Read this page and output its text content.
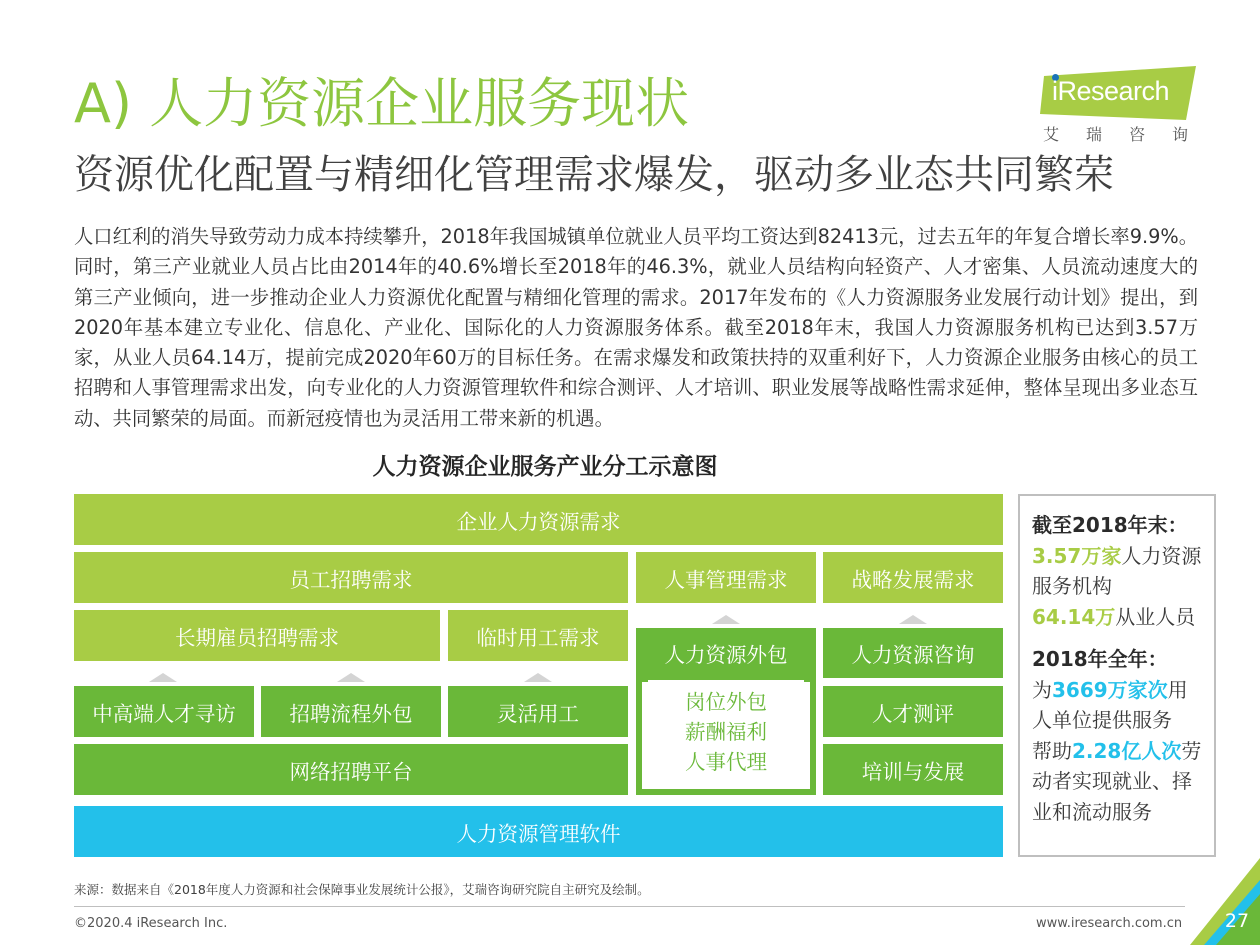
A) 人力资源企业服务现状
资源优化配置与精细化管理需求爆发，驱动多业态共同繁荣
iResearch
艾瑞咨询
人口红利的消失导致劳动力成本持续攀升，2018年我国城镇单位就业人员平均工资达到82413元，过去五年的年复合增长率9.9%。同时，第三产业就业人员占比由2014年的40.6%增长至2018年的46.3%，就业人员结构向轻资产、人才密集、人员流动速度大的第三产业倾向，进一步推动企业人力资源优化配置与精细化管理的需求。2017年发布的《人力资源服务业发展行动计划》提出，到2020年基本建立专业化、信息化、产业化、国际化的人力资源服务体系。截至2018年末，我国人力资源服务机构已达到3.57万家，从业人员64.14万，提前完成2020年60万的目标任务。在需求爆发和政策扶持的双重利好下，人力资源企业服务由核心的员工招聘和人事管理需求出发，向专业化的人力资源管理软件和综合测评、人才培训、职业发展等战略性需求延伸，整体呈现出多业态互动、共同繁荣的局面。而新冠疫情也为灵活用工带来新的机遇。
人力资源企业服务产业分工示意图
企业人力资源需求
员工招聘需求	人事管理需求	战略发展需求
长期雇员招聘需求	临时用工需求
中高端人才寻访	招聘流程外包	灵活用工
网络招聘平台
人力资源外包
岗位外包
薪酬福利
人事代理
人力资源咨询
人才测评
培训与发展
人力资源管理软件

截至2018年末：

3.57万家人力资源服务机构

64.14万从业人员

2018年全年：

为3669万家次用人单位提供服务

帮助2.28亿人次劳动者实现就业、择业和流动服务

来源：数据来自《2018年度人力资源和社会保障事业发展统计公报》，艾瑞咨询研究院自主研究及绘制。
©2020.4 iResearch Inc.	www.iresearch.com.cn 27
